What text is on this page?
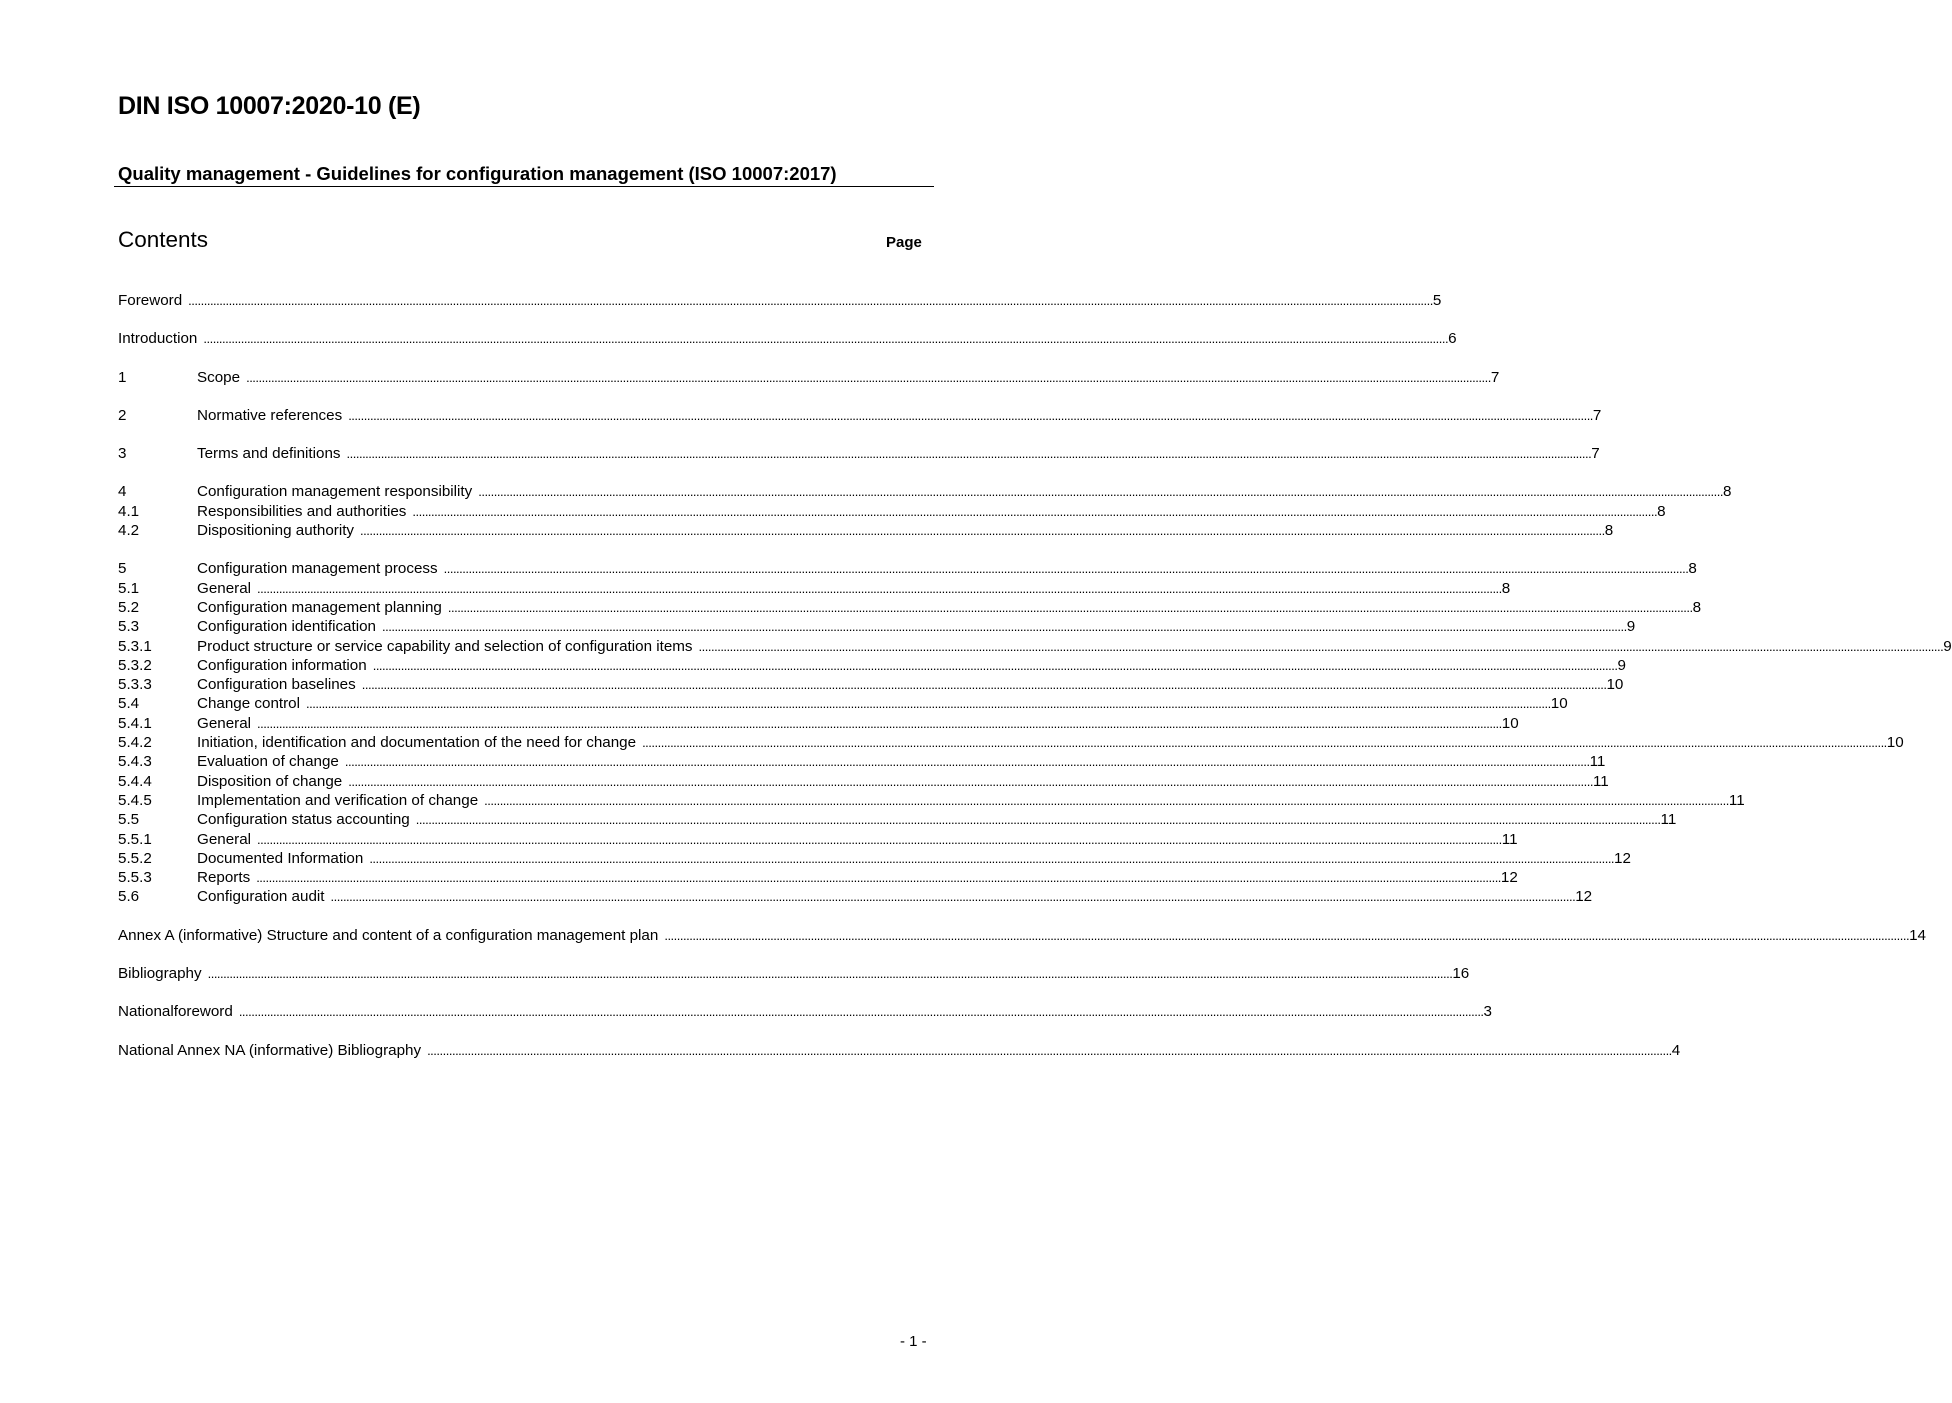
DIN ISO 10007:2020-10 (E)
Quality management - Guidelines for configuration management (ISO 10007:2017)
Contents	Page
Foreword ................................................................................................................................................................................................................................................................................................................................................................................................................ 5
Introduction ................................................................................................................................................................................................................................................................................................................................................................................................................ 6
1	Scope ................................................................................................................................................................................................................................................................................................................................................................................................................ 7
2	Normative references ................................................................................................................................................................................................................................................................................................................................................................................................................ 7
3	Terms and definitions ................................................................................................................................................................................................................................................................................................................................................................................................................ 7
4	Configuration management responsibility ................................................................................................................................................................................................................................................................................................................................................................................................................ 8
4.1	Responsibilities and authorities ................................................................................................................................................................................................................................................................................................................................................................................................................ 8
4.2	Dispositioning authority ................................................................................................................................................................................................................................................................................................................................................................................................................ 8
5	Configuration management process ................................................................................................................................................................................................................................................................................................................................................................................................................ 8
5.1	General ................................................................................................................................................................................................................................................................................................................................................................................................................ 8
5.2	Configuration management planning ................................................................................................................................................................................................................................................................................................................................................................................................................ 8
5.3	Configuration identification ................................................................................................................................................................................................................................................................................................................................................................................................................ 9
5.3.1	Product structure or service capability and selection of configuration items ................................................................................................................................................................................................................................................................................................................................................................................................................ 9
5.3.2	Configuration information ................................................................................................................................................................................................................................................................................................................................................................................................................ 9
5.3.3	Configuration baselines ................................................................................................................................................................................................................................................................................................................................................................................................................ 10
5.4	Change control ................................................................................................................................................................................................................................................................................................................................................................................................................ 10
5.4.1	General ................................................................................................................................................................................................................................................................................................................................................................................................................ 10
5.4.2	Initiation, identification and documentation of the need for change ................................................................................................................................................................................................................................................................................................................................................................................................................ 10
5.4.3	Evaluation of change ................................................................................................................................................................................................................................................................................................................................................................................................................ 11
5.4.4	Disposition of change ................................................................................................................................................................................................................................................................................................................................................................................................................ 11
5.4.5	Implementation and verification of change ................................................................................................................................................................................................................................................................................................................................................................................................................ 11
5.5	Configuration status accounting ................................................................................................................................................................................................................................................................................................................................................................................................................ 11
5.5.1	General ................................................................................................................................................................................................................................................................................................................................................................................................................ 11
5.5.2	Documented Information ................................................................................................................................................................................................................................................................................................................................................................................................................ 12
5.5.3	Reports ................................................................................................................................................................................................................................................................................................................................................................................................................ 12
5.6	Configuration audit ................................................................................................................................................................................................................................................................................................................................................................................................................ 12
Annex A (informative) Structure and content of a configuration management plan ................................................................................................................................................................................................................................................................................................................................................................................................................ 14
Bibliography ................................................................................................................................................................................................................................................................................................................................................................................................................ 16
Nationalforeword ................................................................................................................................................................................................................................................................................................................................................................................................................ 3
National Annex NA (informative) Bibliography ................................................................................................................................................................................................................................................................................................................................................................................................................ 4
- 1 -
